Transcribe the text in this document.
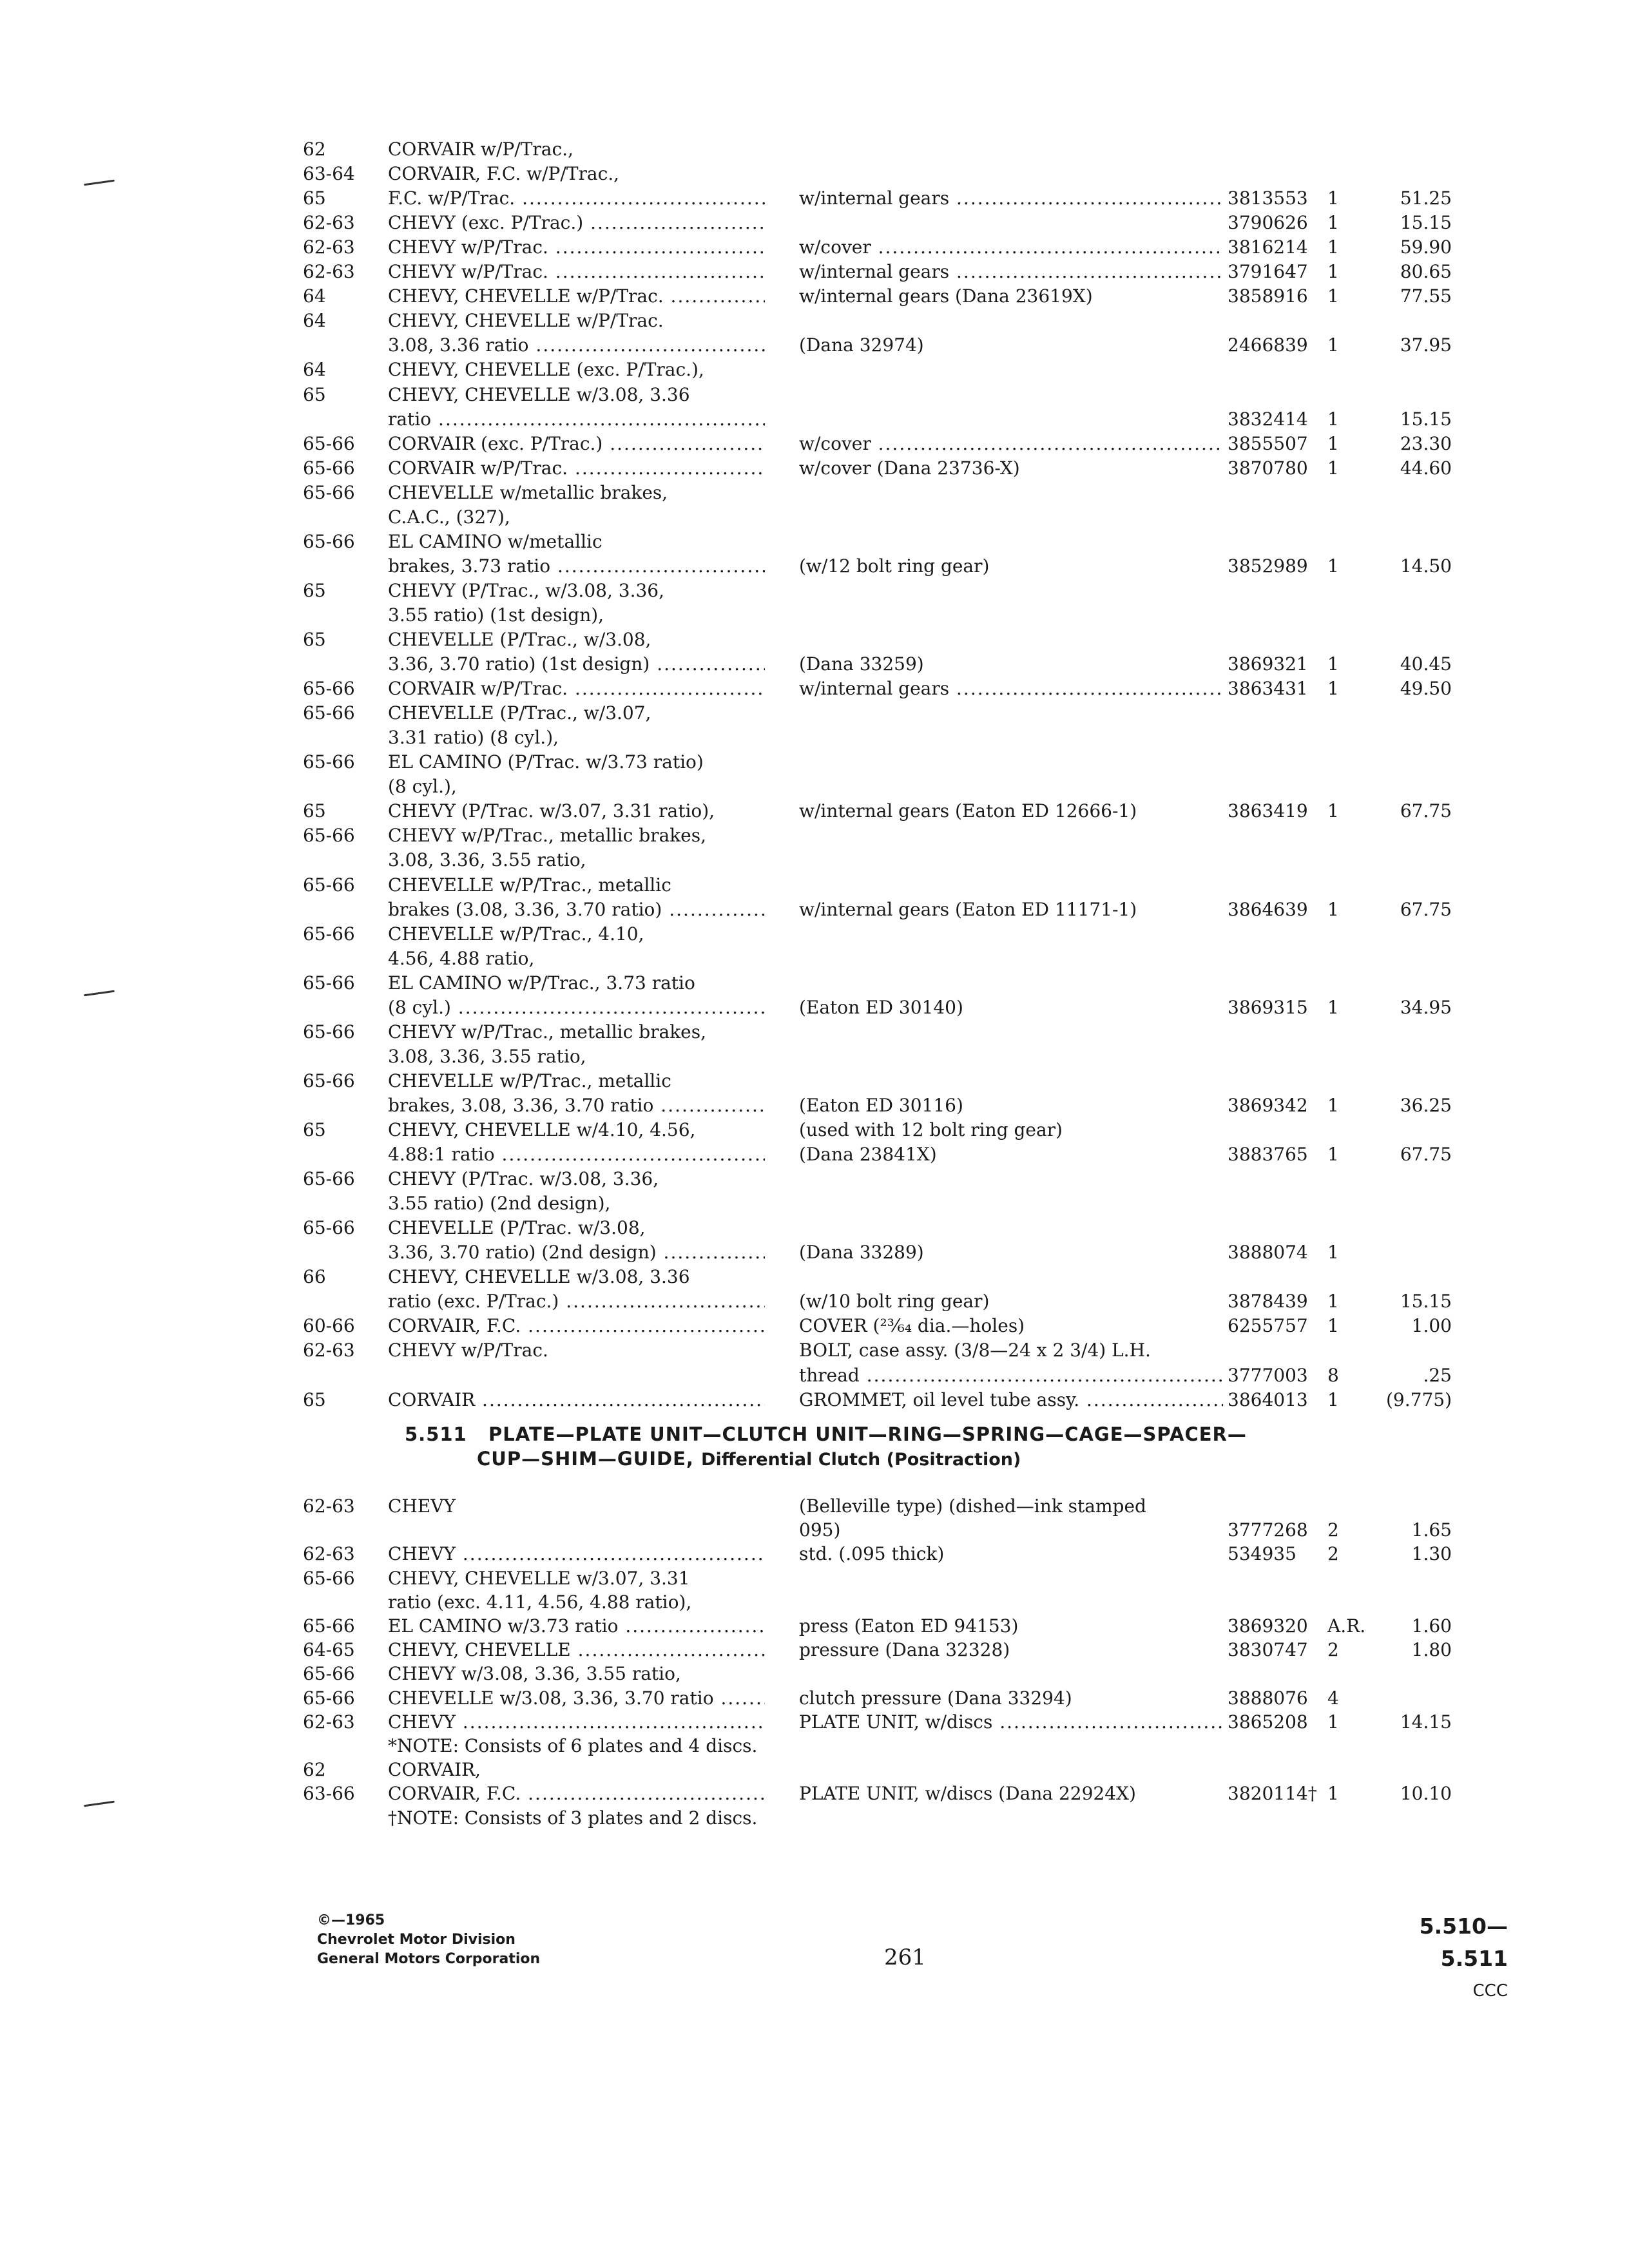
62	CORVAIR w/P/Trac.,
63-64	CORVAIR, F.C. w/P/Trac.,
65	F.C. w/P/Trac. .....	w/internal gears .....	3813553	1	51.25
62-63	CHEVY (exc. P/Trac.) .....	3790626	1	15.15
62-63	CHEVY w/P/Trac. .....	w/cover .....	3816214	1	59.90
62-63	CHEVY w/P/Trac. .....	w/internal gears .....	3791647	1	80.65
64	CHEVY, CHEVELLE w/P/Trac. .....	w/internal gears (Dana 23619X)	3858916	1	77.55
64	CHEVY, CHEVELLE w/P/Trac.
3.08, 3.36 ratio .....	(Dana 32974)	2466839	1	37.95
64	CHEVY, CHEVELLE (exc. P/Trac.),
65	CHEVY, CHEVELLE w/3.08, 3.36
ratio .....	3832414	1	15.15
65-66	CORVAIR (exc. P/Trac.) .....	w/cover .....	3855507	1	23.30
65-66	CORVAIR w/P/Trac. .....	w/cover (Dana 23736-X)	3870780	1	44.60
65-66	CHEVELLE w/metallic brakes,
C.A.C., (327),
65-66	EL CAMINO w/metallic
brakes, 3.73 ratio .....	(w/12 bolt ring gear)	3852989	1	14.50
65	CHEVY (P/Trac., w/3.08, 3.36,
3.55 ratio) (1st design),
65	CHEVELLE (P/Trac., w/3.08,
3.36, 3.70 ratio) (1st design) .....	(Dana 33259)	3869321	1	40.45
65-66	CORVAIR w/P/Trac. .....	w/internal gears .....	3863431	1	49.50
65-66	CHEVELLE (P/Trac., w/3.07,
3.31 ratio) (8 cyl.),
65-66	EL CAMINO (P/Trac. w/3.73 ratio)
(8 cyl.),
65	CHEVY (P/Trac. w/3.07, 3.31 ratio),	w/internal gears (Eaton ED 12666-1)	3863419	1	67.75
65-66	CHEVY w/P/Trac., metallic brakes,
3.08, 3.36, 3.55 ratio,
65-66	CHEVELLE w/P/Trac., metallic
brakes (3.08, 3.36, 3.70 ratio) .....	w/internal gears (Eaton ED 11171-1)	3864639	1	67.75
65-66	CHEVELLE w/P/Trac., 4.10,
4.56, 4.88 ratio,
65-66	EL CAMINO w/P/Trac., 3.73 ratio
(8 cyl.) .....	(Eaton ED 30140)	3869315	1	34.95
65-66	CHEVY w/P/Trac., metallic brakes,
3.08, 3.36, 3.55 ratio,
65-66	CHEVELLE w/P/Trac., metallic
brakes, 3.08, 3.36, 3.70 ratio .....	(Eaton ED 30116)	3869342	1	36.25
65	CHEVY, CHEVELLE w/4.10, 4.56,	(used with 12 bolt ring gear)
4.88:1 ratio .....	(Dana 23841X)	3883765	1	67.75
65-66	CHEVY (P/Trac. w/3.08, 3.36,
3.55 ratio) (2nd design),
65-66	CHEVELLE (P/Trac. w/3.08,
3.36, 3.70 ratio) (2nd design) .....	(Dana 33289)	3888074	1
66	CHEVY, CHEVELLE w/3.08, 3.36
ratio (exc. P/Trac.) .....	(w/10 bolt ring gear)	3878439	1	15.15
60-66	CORVAIR, F.C. .....	COVER (²³⁄₆₄ dia.—holes)	6255757	1	1.00
62-63	CHEVY w/P/Trac.	BOLT, case assy. (3/8—24 x 2 3/4) L.H.
thread .....	3777003	8	.25
65	CORVAIR .....	GROMMET, oil level tube assy. .....	3864013	1	(9.775)
5.511 PLATE—PLATE UNIT—CLUTCH UNIT—RING—SPRING—CAGE—SPACER—
CUP—SHIM—GUIDE, Differential Clutch (Positraction)
62-63	CHEVY	(Belleville type) (dished—ink stamped
095)	3777268	2	1.65
62-63	CHEVY .....	std. (.095 thick)	534935	2	1.30
65-66	CHEVY, CHEVELLE w/3.07, 3.31
ratio (exc. 4.11, 4.56, 4.88 ratio),
65-66	EL CAMINO w/3.73 ratio .....	press (Eaton ED 94153)	3869320	A.R.	1.60
64-65	CHEVY, CHEVELLE .....	pressure (Dana 32328)	3830747	2	1.80
65-66	CHEVY w/3.08, 3.36, 3.55 ratio,
65-66	CHEVELLE w/3.08, 3.36, 3.70 ratio .....	clutch pressure (Dana 33294)	3888076	4
62-63	CHEVY .....	PLATE UNIT, w/discs .....	3865208	1	14.15
*NOTE: Consists of 6 plates and 4 discs.
62	CORVAIR,
63-66	CORVAIR, F.C. .....	PLATE UNIT, w/discs (Dana 22924X)	3820114† 1	10.10
†NOTE: Consists of 3 plates and 2 discs.
©—1965
Chevrolet Motor Division
General Motors Corporation	261
5.510—5.511
CCC
